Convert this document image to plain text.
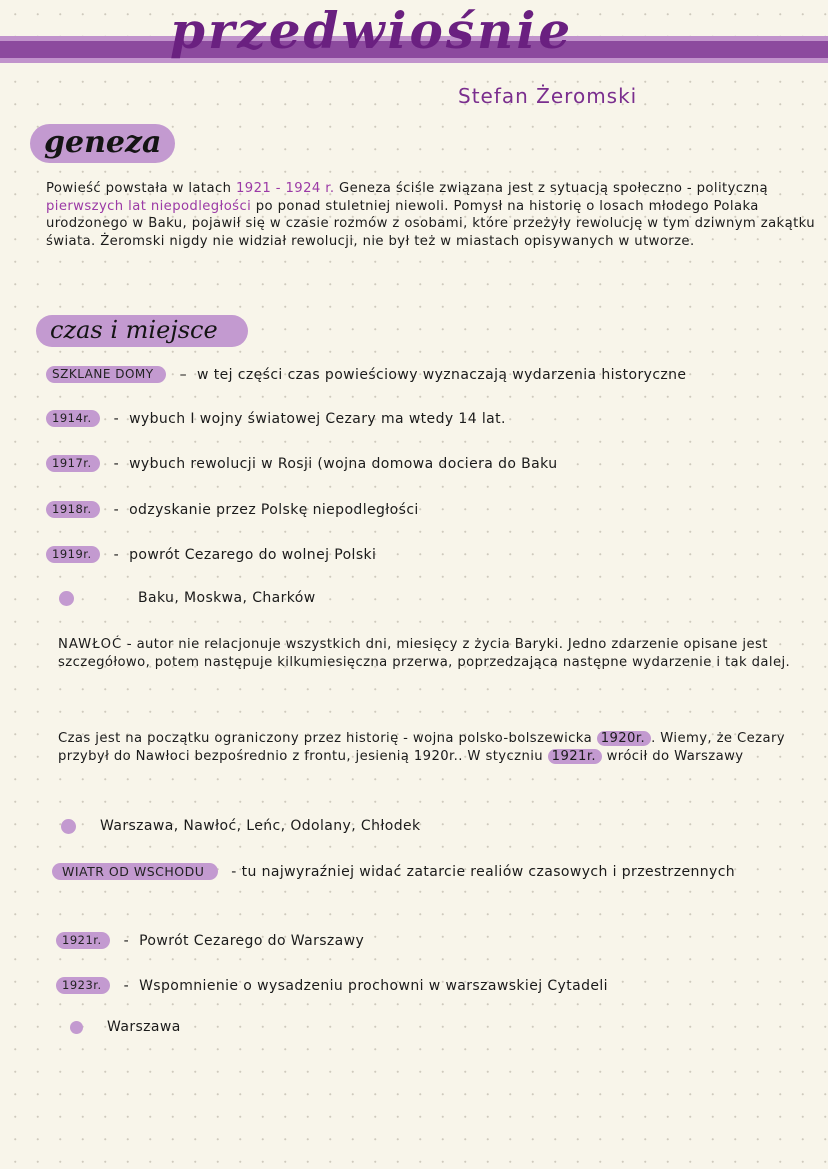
przedwiośnie
Stefan Żeromski
geneza
Powieść powstała w latach 1921 - 1924 r. Geneza ściśle związana jest z sytuacją społeczno - polityczną pierwszych lat niepodległości po ponad stuletniej niewoli. Pomysł na historię o losach młodego Polaka urodzonego w Baku, pojawił się w czasie rozmów z osobami, które przeżyły rewolucję w tym dziwnym zakątku świata. Żeromski nigdy nie widział rewolucji, nie był też w miastach opisywanych w utworze.
czas i miejsce
SZKLANE DOMY	– w tej części czas powieściowy wyznaczają wydarzenia historyczne
1914r.	- wybuch I wojny światowej Cezary ma wtedy 14 lat.
1917r.	- wybuch rewolucji w Rosji (wojna domowa dociera do Baku
1918r.	- odzyskanie przez Polskę niepodległości
1919r.	- powrót Cezarego do wolnej Polski
Baku, Moskwa, Charków
NAWŁOĆ - autor nie relacjonuje wszystkich dni, miesięcy z życia Baryki. Jedno zdarzenie opisane jest szczegółowo, potem następuje kilkumiesięczna przerwa, poprzedzająca następne wydarzenie i tak dalej.
Czas jest na początku ograniczony przez historię - wojna polsko-bolszewicka 1920r. . Wiemy, że Cezary przybył do Nawłoci bezpośrednio z frontu, jesienią 1920r.. W styczniu 1921r. wrócił do Warszawy
Warszawa, Nawłoć, Leńc, Odolany, Chłodek
WIATR OD WSCHODU - tu najwyraźniej widać zatarcie realiów czasowych i przestrzennych
1921r.	- Powrót Cezarego do Warszawy
1923r.	- Wspomnienie o wysadzeniu prochowni w warszawskiej Cytadeli
Warszawa
